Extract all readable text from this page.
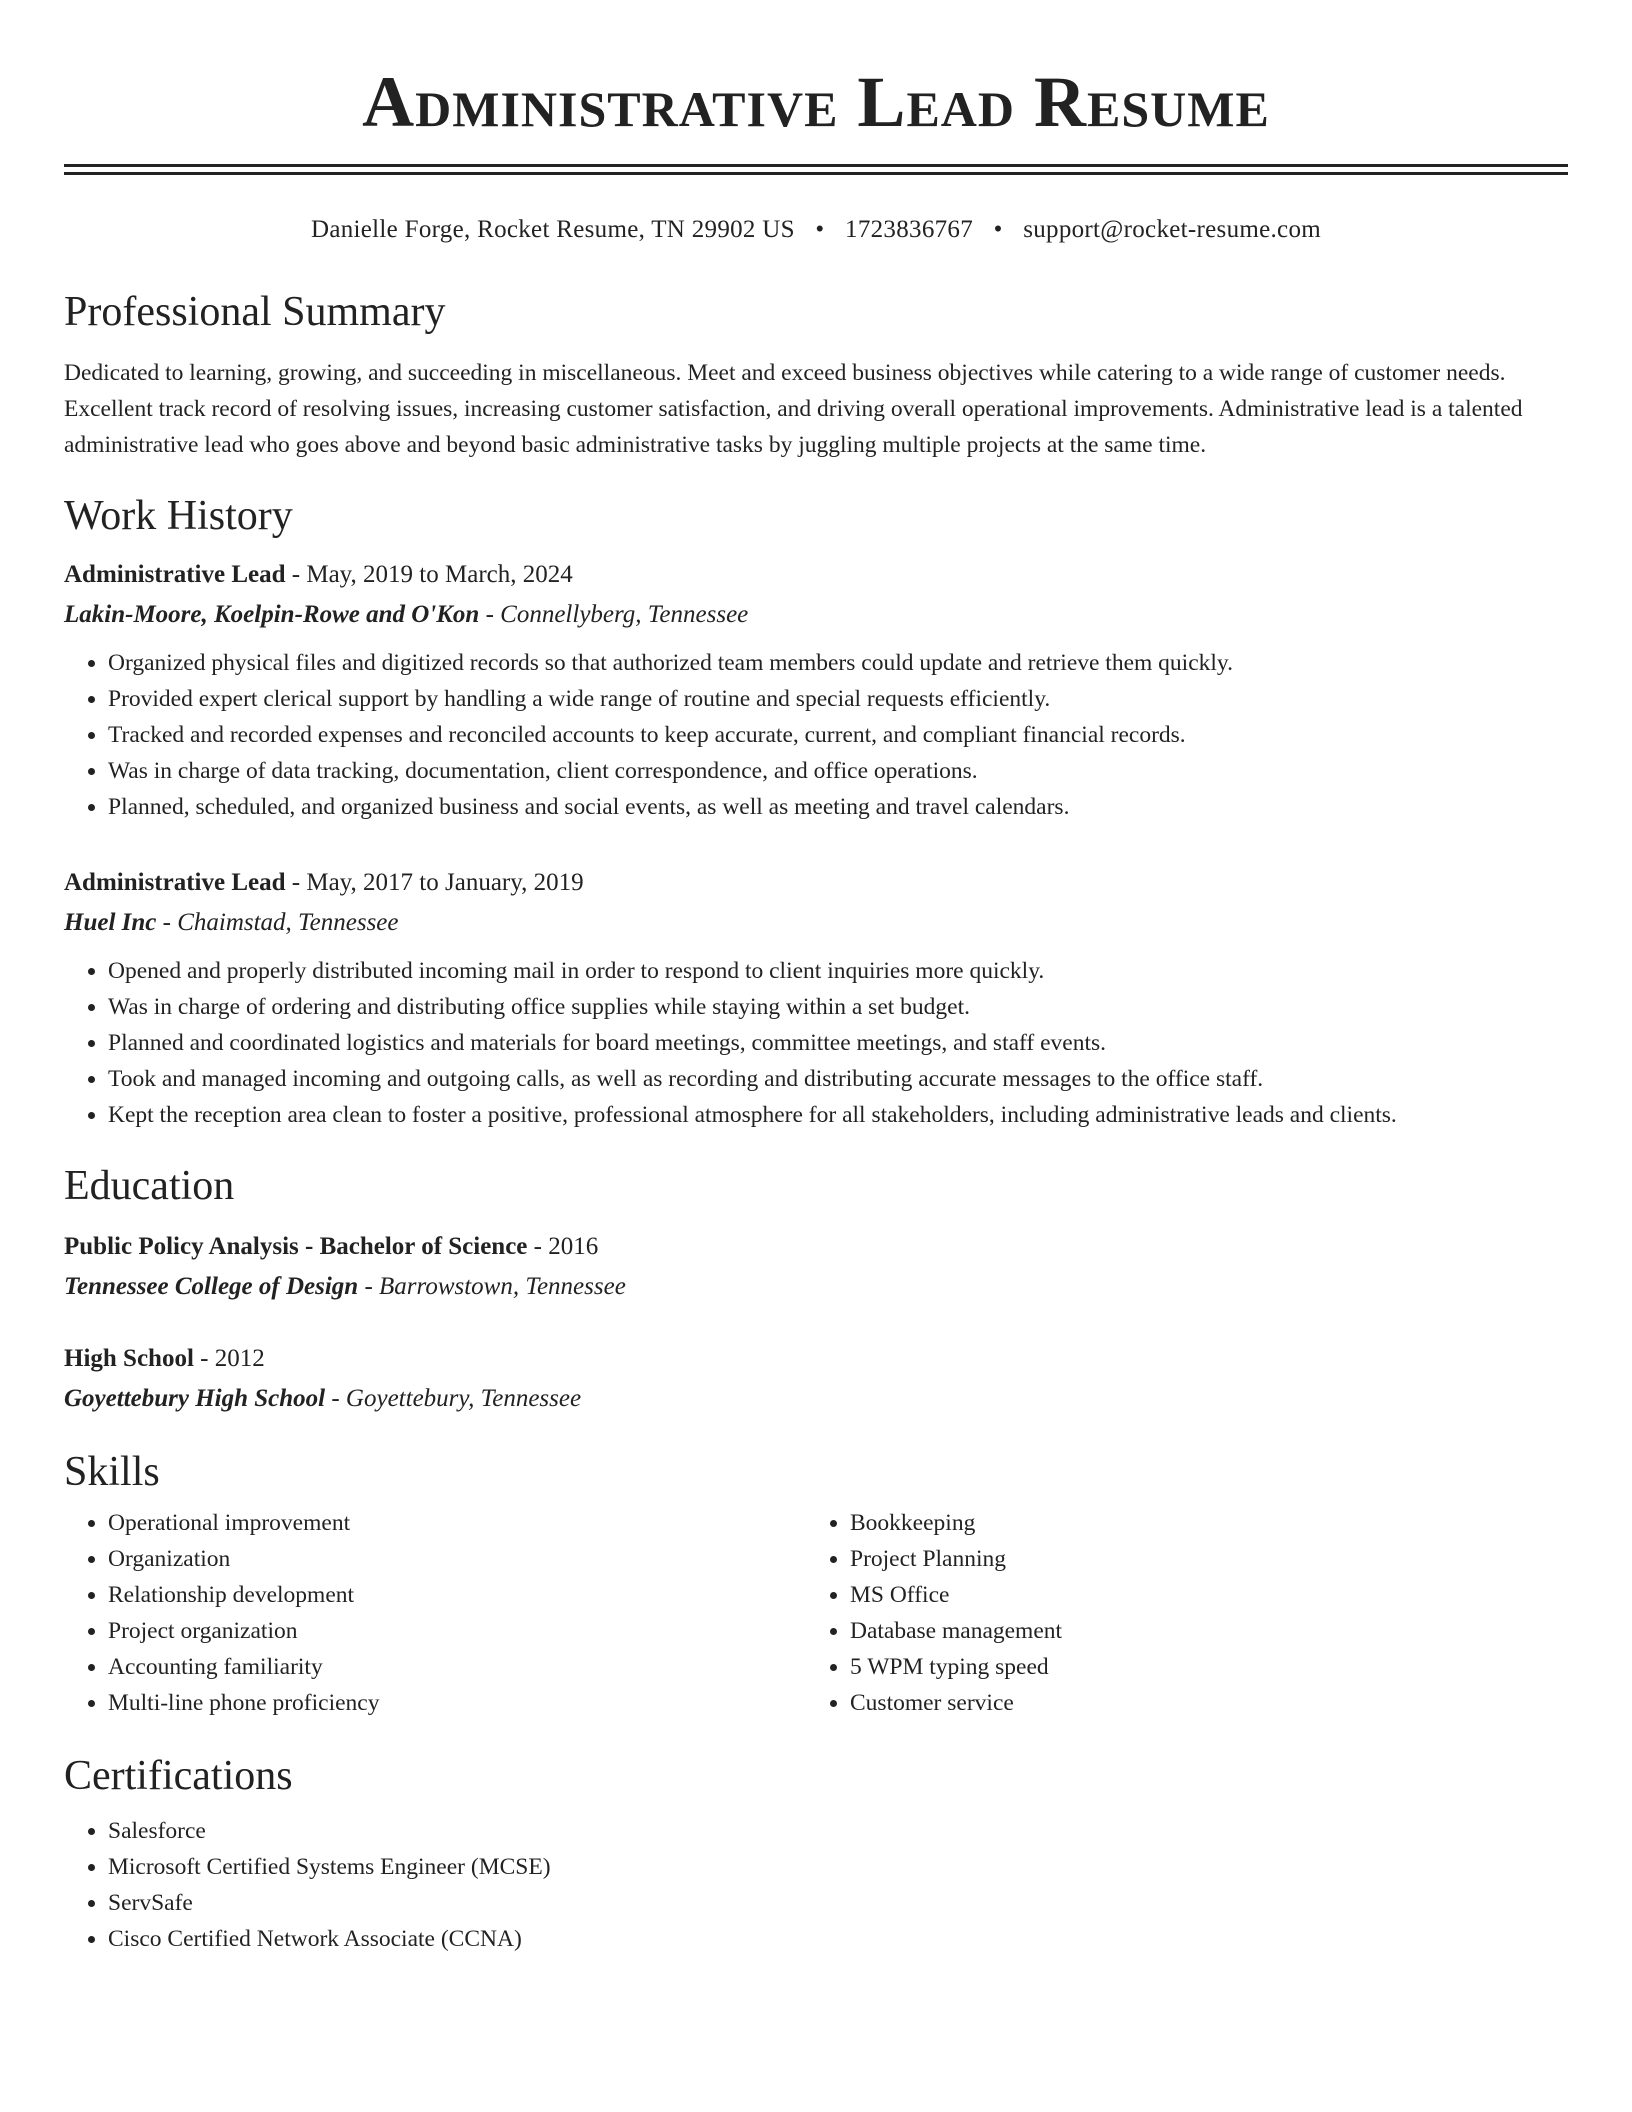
Administrative Lead Resume
Danielle Forge, Rocket Resume, TN 29902 US • 1723836767 • support@rocket-resume.com
Professional Summary

Dedicated to learning, growing, and succeeding in miscellaneous. Meet and exceed business objectives while catering to a wide range of customer needs. Excellent track record of resolving issues, increasing customer satisfaction, and driving overall operational improvements. Administrative lead is a talented administrative lead who goes above and beyond basic administrative tasks by juggling multiple projects at the same time.

Work History
Administrative Lead - May, 2019 to March, 2024
Lakin-Moore, Koelpin-Rowe and O'Kon - Connellyberg, Tennessee
• Organized physical files and digitized records so that authorized team members could update and retrieve them quickly.
• Provided expert clerical support by handling a wide range of routine and special requests efficiently.
• Tracked and recorded expenses and reconciled accounts to keep accurate, current, and compliant financial records.
• Was in charge of data tracking, documentation, client correspondence, and office operations.
• Planned, scheduled, and organized business and social events, as well as meeting and travel calendars.
Administrative Lead - May, 2017 to January, 2019
Huel Inc - Chaimstad, Tennessee
• Opened and properly distributed incoming mail in order to respond to client inquiries more quickly.
• Was in charge of ordering and distributing office supplies while staying within a set budget.
• Planned and coordinated logistics and materials for board meetings, committee meetings, and staff events.
• Took and managed incoming and outgoing calls, as well as recording and distributing accurate messages to the office staff.
• Kept the reception area clean to foster a positive, professional atmosphere for all stakeholders, including administrative leads and clients.
Education
Public Policy Analysis - Bachelor of Science - 2016
Tennessee College of Design - Barrowstown, Tennessee
High School - 2012
Goyettebury High School - Goyettebury, Tennessee
Skills
• Operational improvement
• Organization
• Relationship development
• Project organization
• Accounting familiarity
• Multi-line phone proficiency
• Bookkeeping
• Project Planning
• MS Office
• Database management
• 5 WPM typing speed
• Customer service
Certifications
• Salesforce
• Microsoft Certified Systems Engineer (MCSE)
• ServSafe
• Cisco Certified Network Associate (CCNA)
